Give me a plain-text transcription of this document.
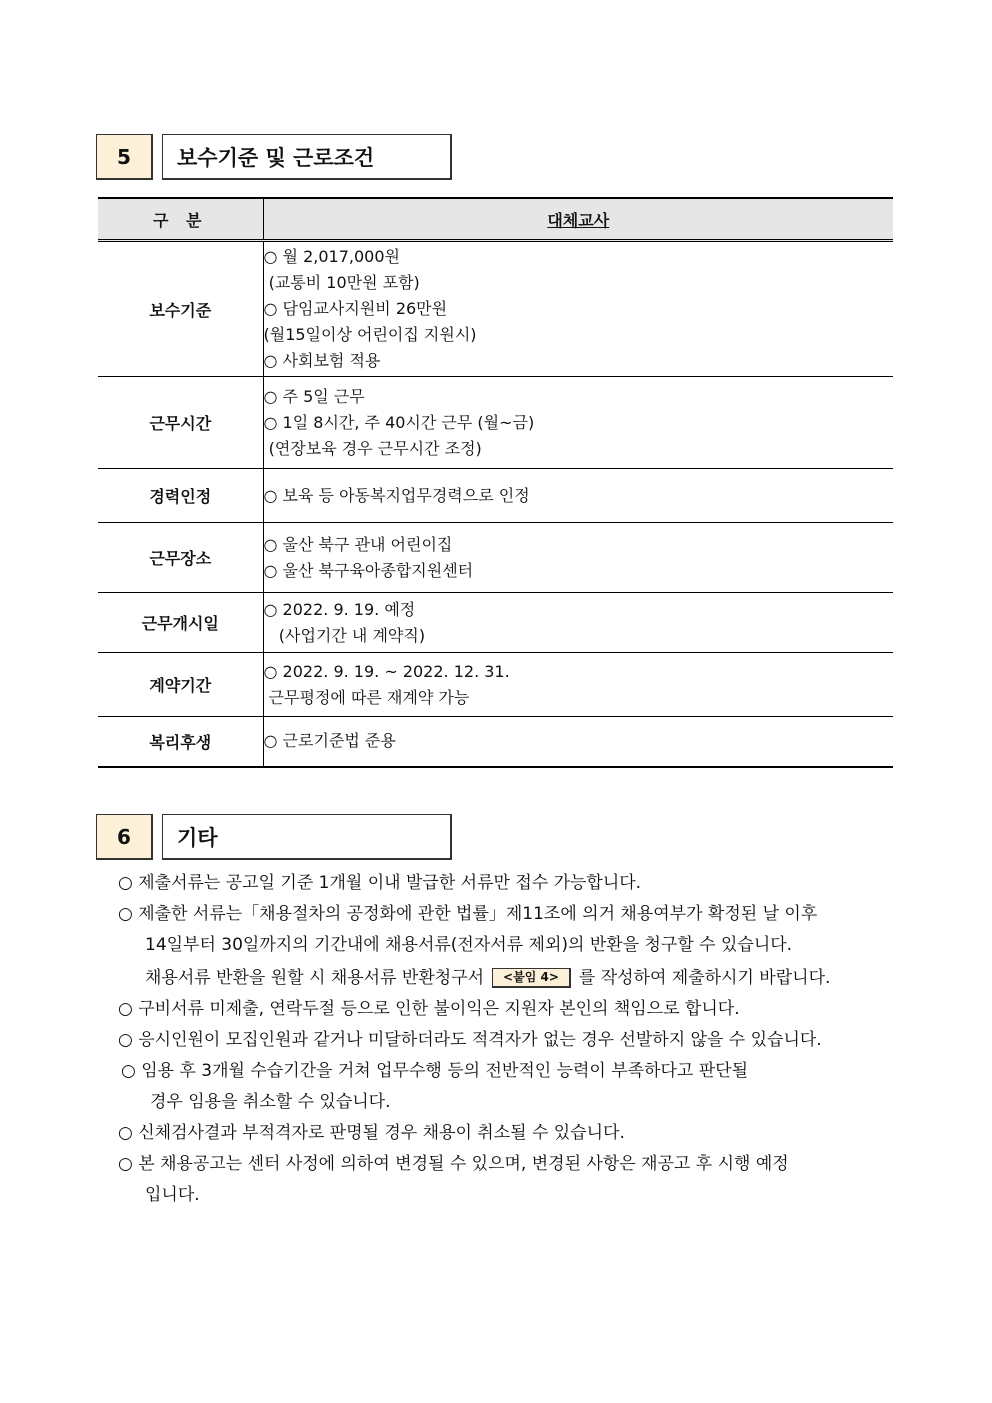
5	보수기준 및 근로조건
구 분	대체교사
보수기준	○ 월 2,017,000원
(교통비 10만원 포함)
○ 담임교사지원비 26만원
(월15일이상 어린이집 지원시)
○ 사회보험 적용

근무시간	○ 주 5일 근무
○ 1일 8시간, 주 40시간 근무 (월~금)
(연장보육 경우 근무시간 조정)

경력인정	○ 보육 등 아동복지업무경력으로 인정

근무장소	○ 울산 북구 관내 어린이집
○ 울산 북구육아종합지원센터

근무개시일	○ 2022. 9. 19. 예정
(사업기간 내 계약직)

계약기간	○ 2022. 9. 19. ~ 2022. 12. 31.
근무평정에 따른 재계약 가능

복리후생	○ 근로기준법 준용
6	기타
○ 제출서류는 공고일 기준 1개월 이내 발급한 서류만 접수 가능합니다.
○ 제출한 서류는「채용절차의 공정화에 관한 법률」제11조에 의거 채용여부가 확정된 날 이후
14일부터 30일까지의 기간내에 채용서류(전자서류 제외)의 반환을 청구할 수 있습니다.
채용서류 반환을 원할 시 채용서류 반환청구서 <붙임 4> 를 작성하여 제출하시기 바랍니다.
○ 구비서류 미제출, 연락두절 등으로 인한 불이익은 지원자 본인의 책임으로 합니다.
○ 응시인원이 모집인원과 같거나 미달하더라도 적격자가 없는 경우 선발하지 않을 수 있습니다.
○ 임용 후 3개월 수습기간을 거쳐 업무수행 등의 전반적인 능력이 부족하다고 판단될
경우 임용을 취소할 수 있습니다.
○ 신체검사결과 부적격자로 판명될 경우 채용이 취소될 수 있습니다.
○ 본 채용공고는 센터 사정에 의하여 변경될 수 있으며, 변경된 사항은 재공고 후 시행 예정
입니다.
